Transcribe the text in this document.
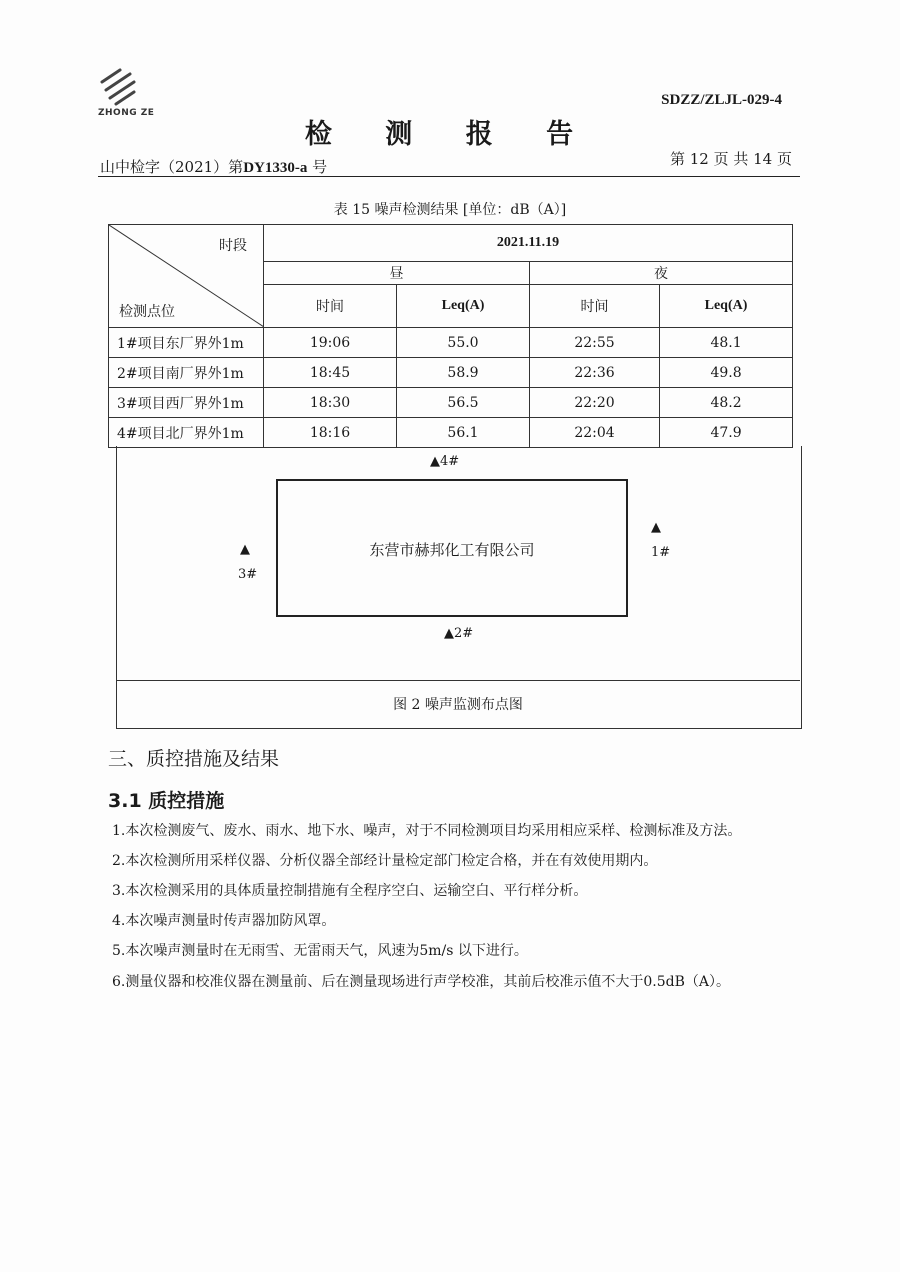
ZHONG ZE
SDZZ/ZLJL-029-4
检 测 报 告
山中检字（2021）第DY1330-a 号	第 12 页 共 14 页
表 15 噪声检测结果 [单位：dB（A）]
时段
检测点位	2021.11.19			
	昼		夜	
	时间	Leq(A)	时间	Leq(A)
1#项目东厂界外1m	19:06	55.0	22:55	48.1
2#项目南厂界外1m	18:45	58.9	22:36	49.8
3#项目西厂界外1m	18:30	56.5	22:20	48.2
4#项目北厂界外1m	18:16	56.1	22:04	47.9
东营市赫邦化工有限公司
▲4#
▲2#
▲
3#
▲
1#
图 2 噪声监测布点图
三、质控措施及结果
3.1 质控措施
1.本次检测废气、废水、雨水、地下水、噪声，对于不同检测项目均采用相应采样、检测标准及方法。
2.本次检测所用采样仪器、分析仪器全部经计量检定部门检定合格，并在有效使用期内。
3.本次检测采用的具体质量控制措施有全程序空白、运输空白、平行样分析。
4.本次噪声测量时传声器加防风罩。
5.本次噪声测量时在无雨雪、无雷雨天气，风速为5m/s 以下进行。
6.测量仪器和校准仪器在测量前、后在测量现场进行声学校准，其前后校准示值不大于0.5dB（A）。
